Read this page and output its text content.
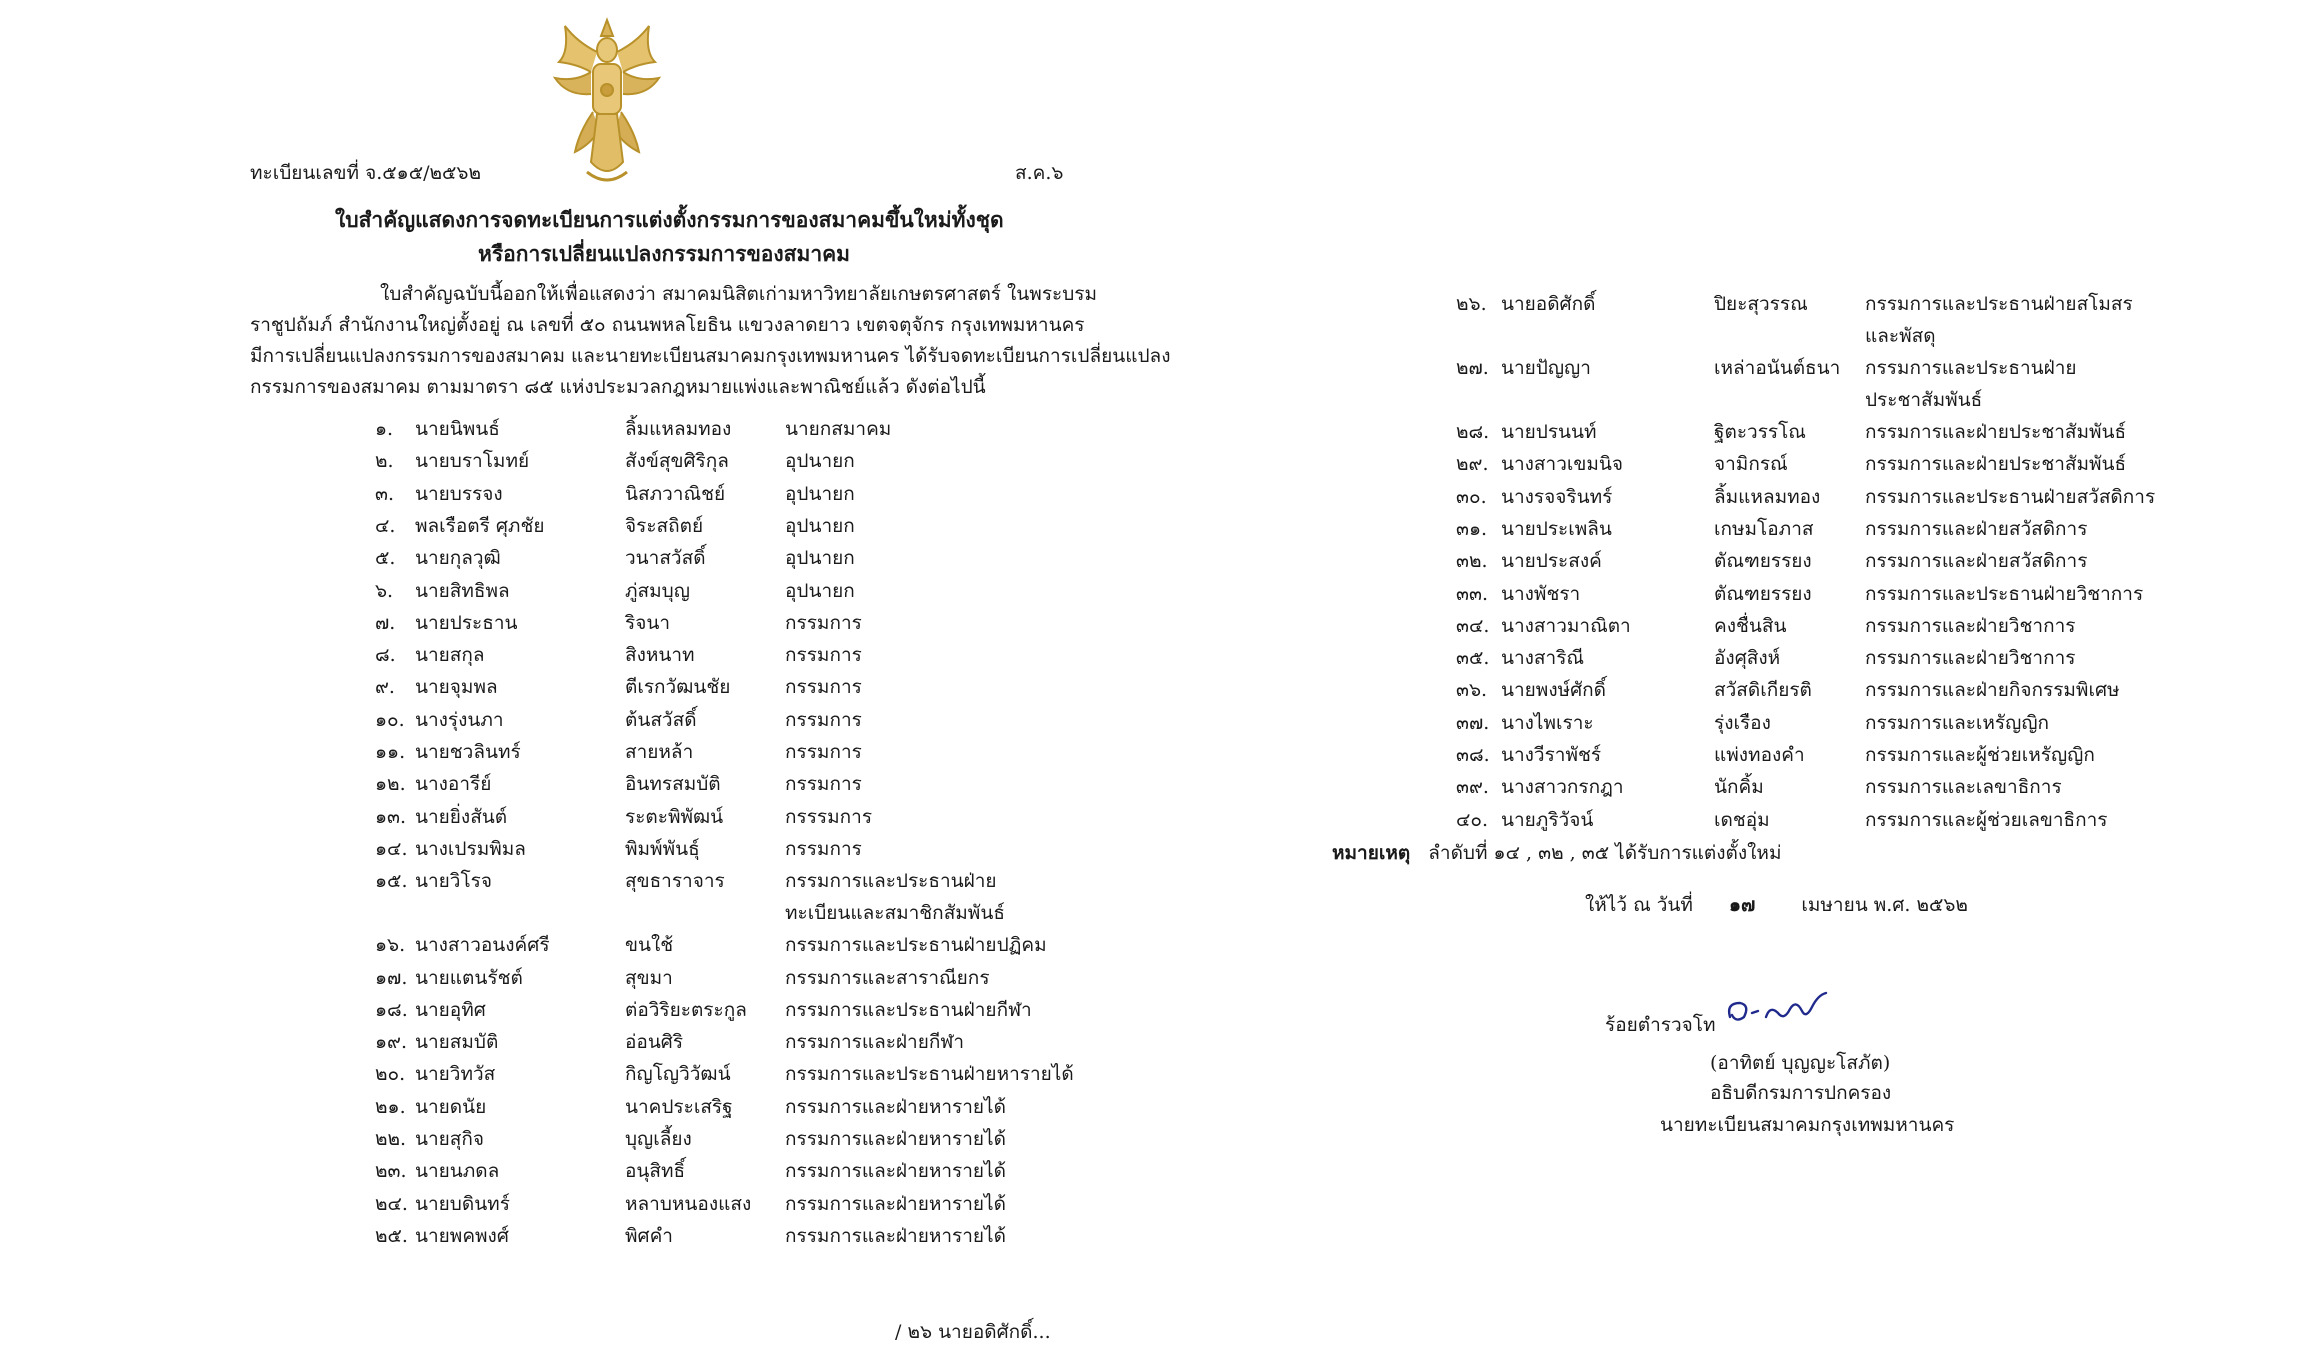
ทะเบียนเลขที่ จ.๕๑๕/๒๕๖๒	ส.ค.๖
ใบสำคัญแสดงการจดทะเบียนการแต่งตั้งกรรมการของสมาคมขึ้นใหม่ทั้งชุด
หรือการเปลี่ยนแปลงกรรมการของสมาคม
ใบสำคัญฉบับนี้ออกให้เพื่อแสดงว่า สมาคมนิสิตเก่ามหาวิทยาลัยเกษตรศาสตร์ ในพระบรม
ราชูปถัมภ์ สำนักงานใหญ่ตั้งอยู่ ณ เลขที่ ๕๐ ถนนพหลโยธิน แขวงลาดยาว เขตจตุจักร กรุงเทพมหานคร
มีการเปลี่ยนแปลงกรรมการของสมาคม และนายทะเบียนสมาคมกรุงเทพมหานคร ได้รับจดทะเบียนการเปลี่ยนแปลง
กรรมการของสมาคม ตามมาตรา ๘๕ แห่งประมวลกฎหมายแพ่งและพาณิชย์แล้ว ดังต่อไปนี้
๑. นายนิพนธ์	ลิ้มแหลมทอง	นายกสมาคม
๒. นายบราโมทย์	สังข์สุขศิริกุล	อุปนายก
๓. นายบรรจง	นิสภวาณิชย์	อุปนายก
๔. พลเรือตรี ศุภชัย	จิระสถิตย์	อุปนายก
๕. นายกุลวุฒิ	วนาสวัสดิ์	อุปนายก
๖. นายสิทธิพล	ภู่สมบุญ	อุปนายก
๗. นายประธาน	ริจนา	กรรมการ
๘. นายสกุล	สิงหนาท	กรรมการ
๙. นายจุมพล	ตีเรกวัฒนชัย	กรรมการ
๑๐. นางรุ่งนภา	ต้นสวัสดิ์	กรรมการ
๑๑. นายชวลินทร์	สายหล้า	กรรมการ
๑๒. นางอารีย์	อินทรสมบัติ	กรรมการ
๑๓. นายยิ่งสันต์	ระตะพิพัฒน์	กรรรมการ
๑๔. นางเปรมพิมล	พิมพ์พันธุ์	กรรมการ
๑๕. นายวิโรจ	สุขธาราจาร	กรรมการและประธานฝ่าย
ทะเบียนและสมาชิกสัมพันธ์
๑๖. นางสาวอนงค์ศรี	ขนใช้	กรรมการและประธานฝ่ายปฏิคม
๑๗. นายแตนรัชต์	สุขมา	กรรมการและสาราณียกร
๑๘. นายอุทิศ	ต่อวิริยะตระกูล กรรมการและประธานฝ่ายกีฬา
๑๙. นายสมบัติ	อ่อนศิริ	กรรมการและฝ่ายกีฬา
๒๐. นายวิทวัส	กิญโญวิวัฒน์	กรรมการและประธานฝ่ายหารายได้
๒๑. นายดนัย	นาคประเสริฐ	กรรมการและฝ่ายหารายได้
๒๒. นายสุกิจ	บุญเลี้ยง	กรรมการและฝ่ายหารายได้
๒๓. นายนภดล	อนุสิทธิ์	กรรมการและฝ่ายหารายได้
๒๔. นายบดินทร์	หลาบหนองแสง กรรมการและฝ่ายหารายได้
๒๕. นายพคพงศ์	พิศคำ	กรรมการและฝ่ายหารายได้
/ ๒๖ นายอดิศักดิ์...
๒๖. นายอดิศักดิ์	ปิยะสุวรรณ	กรรมการและประธานฝ่ายสโมสร
และพัสดุ
๒๗. นายปัญญา	เหล่าอนันต์ธนา กรรมการและประธานฝ่าย
ประชาสัมพันธ์
๒๘. นายปรนนท์	ฐิตะวรรโณ	กรรมการและฝ่ายประชาสัมพันธ์
๒๙. นางสาวเขมนิจ	จามิกรณ์	กรรมการและฝ่ายประชาสัมพันธ์
๓๐. นางรจจรินทร์	ลิ้มแหลมทอง กรรมการและประธานฝ่ายสวัสดิการ
๓๑. นายประเพลิน	เกษมโอภาส	กรรมการและฝ่ายสวัสดิการ
๓๒. นายประสงค์	ตัณฑยรรยง	กรรมการและฝ่ายสวัสดิการ
๓๓. นางพัชรา	ตัณฑยรรยง	กรรมการและประธานฝ่ายวิชาการ
๓๔. นางสาวมาณิตา	คงชื่นสิน	กรรมการและฝ่ายวิชาการ
๓๕. นางสาริณี	อังศุสิงห์	กรรมการและฝ่ายวิชาการ
๓๖. นายพงษ์ศักดิ์	สวัสดิเกียรติ	กรรมการและฝ่ายกิจกรรมพิเศษ
๓๗. นางไพเราะ	รุ่งเรือง	กรรมการและเหรัญญิก
๓๘. นางวีราพัชร์	แพ่งทองคำ	กรรมการและผู้ช่วยเหรัญญิก
๓๙. นางสาวกรกฎา	นักคิ้ม	กรรมการและเลขาธิการ
๔๐. นายภูริวัจน์	เดชอุ่ม	กรรมการและผู้ช่วยเลขาธิการ
หมายเหตุ ลำดับที่ ๑๔ , ๓๒ , ๓๕ ได้รับการแต่งตั้งใหม่
ให้ไว้ ณ วันที่ ๑๗ เมษายน พ.ศ. ๒๕๖๒
ร้อยตำรวจโท
(อาทิตย์ บุญญะโสภัต)
อธิบดีกรมการปกครอง
นายทะเบียนสมาคมกรุงเทพมหานคร
